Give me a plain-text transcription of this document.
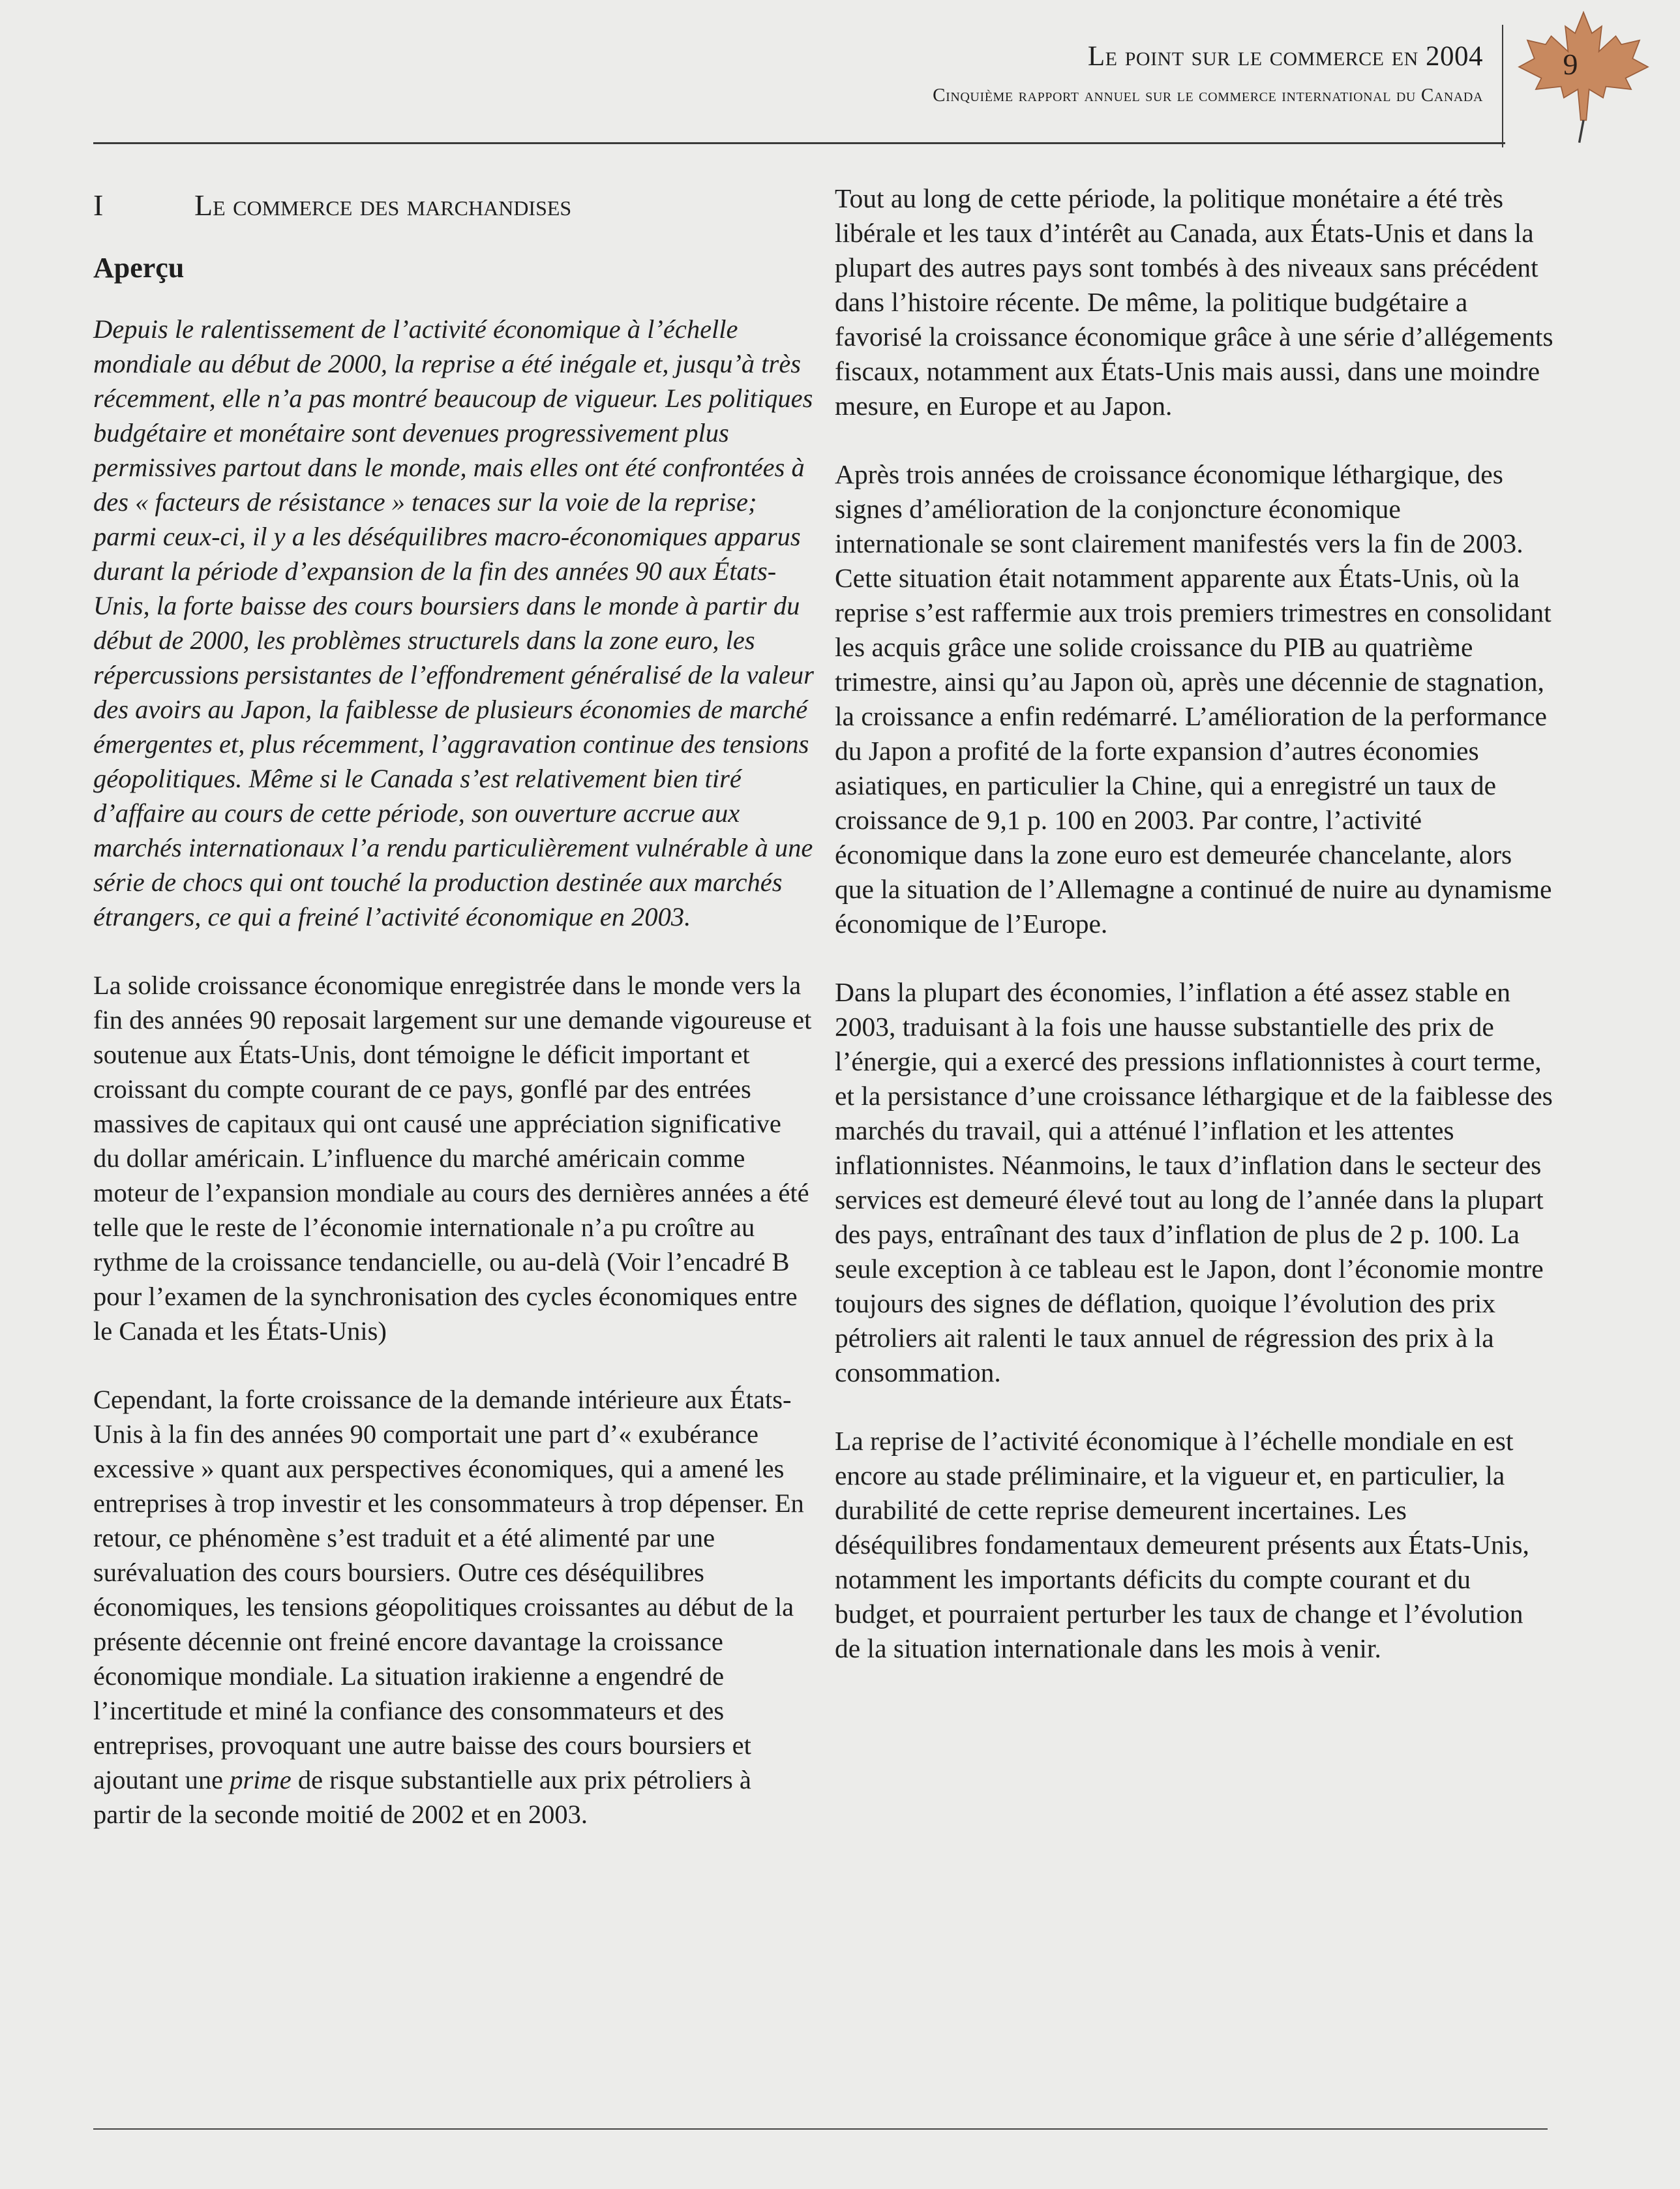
Le point sur le commerce en 2004
Cinquième rapport annuel sur le commerce international du Canada
9
I	Le commerce des marchandises
Aperçu

Depuis le ralentissement de l’activité économique à l’échelle mondiale au début de 2000, la reprise a été inégale et, jusqu’à très récemment, elle n’a pas montré beaucoup de vigueur. Les politiques budgétaire et monétaire sont devenues progressivement plus permissives partout dans le monde, mais elles ont été confrontées à des « facteurs de résistance » tenaces sur la voie de la reprise; parmi ceux-ci, il y a les déséquilibres macro-économiques apparus durant la période d’expansion de la fin des années 90 aux États-Unis, la forte baisse des cours boursiers dans le monde à partir du début de 2000, les problèmes structurels dans la zone euro, les répercussions persistantes de l’effondrement généralisé de la valeur des avoirs au Japon, la faiblesse de plusieurs économies de marché émergentes et, plus récemment, l’aggravation continue des tensions géopolitiques. Même si le Canada s’est relativement bien tiré d’affaire au cours de cette période, son ouverture accrue aux marchés internationaux l’a rendu particulièrement vulnérable à une série de chocs qui ont touché la production destinée aux marchés étrangers, ce qui a freiné l’activité économique en 2003.

La solide croissance économique enregistrée dans le monde vers la fin des années 90 reposait largement sur une demande vigoureuse et soutenue aux États-Unis, dont témoigne le déficit important et croissant du compte courant de ce pays, gonflé par des entrées massives de capitaux qui ont causé une appréciation significative du dollar américain. L’influence du marché américain comme moteur de l’expansion mondiale au cours des dernières années a été telle que le reste de l’économie internationale n’a pu croître au rythme de la croissance tendancielle, ou au-delà (Voir l’encadré B pour l’examen de la synchronisation des cycles économiques entre le Canada et les États-Unis)

Cependant, la forte croissance de la demande intérieure aux États-Unis à la fin des années 90 comportait une part d’« exubérance excessive » quant aux perspectives économiques, qui a amené les entreprises à trop investir et les consommateurs à trop dépenser. En retour, ce phénomène s’est traduit et a été alimenté par une surévaluation des cours boursiers. Outre ces déséquilibres économiques, les tensions géopolitiques croissantes au début de la présente décennie ont freiné encore davantage la croissance économique mondiale. La situation irakienne a engendré de l’incertitude et miné la confiance des consommateurs et des entreprises, provoquant une autre baisse des cours boursiers et ajoutant une prime de risque substantielle aux prix pétroliers à partir de la seconde moitié de 2002 et en 2003.

Tout au long de cette période, la politique monétaire a été très libérale et les taux d’intérêt au Canada, aux États-Unis et dans la plupart des autres pays sont tombés à des niveaux sans précédent dans l’histoire récente. De même, la politique budgétaire a favorisé la croissance économique grâce à une série d’allégements fiscaux, notamment aux États-Unis mais aussi, dans une moindre mesure, en Europe et au Japon.

Après trois années de croissance économique léthargique, des signes d’amélioration de la conjoncture économique internationale se sont clairement manifestés vers la fin de 2003. Cette situation était notamment apparente aux États-Unis, où la reprise s’est raffermie aux trois premiers trimestres en consolidant les acquis grâce une solide croissance du PIB au quatrième trimestre, ainsi qu’au Japon où, après une décennie de stagnation, la croissance a enfin redémarré. L’amélioration de la performance du Japon a profité de la forte expansion d’autres économies asiatiques, en particulier la Chine, qui a enregistré un taux de croissance de 9,1 p. 100 en 2003. Par contre, l’activité économique dans la zone euro est demeurée chancelante, alors que la situation de l’Allemagne a continué de nuire au dynamisme économique de l’Europe.

Dans la plupart des économies, l’inflation a été assez stable en 2003, traduisant à la fois une hausse substantielle des prix de l’énergie, qui a exercé des pressions inflationnistes à court terme, et la persistance d’une croissance léthargique et de la faiblesse des marchés du travail, qui a atténué l’inflation et les attentes inflationnistes. Néanmoins, le taux d’inflation dans le secteur des services est demeuré élevé tout au long de l’année dans la plupart des pays, entraînant des taux d’inflation de plus de 2 p. 100. La seule exception à ce tableau est le Japon, dont l’économie montre toujours des signes de déflation, quoique l’évolution des prix pétroliers ait ralenti le taux annuel de régression des prix à la consommation.

La reprise de l’activité économique à l’échelle mondiale en est encore au stade préliminaire, et la vigueur et, en particulier, la durabilité de cette reprise demeurent incertaines. Les déséquilibres fondamentaux demeurent présents aux États-Unis, notamment les importants déficits du compte courant et du budget, et pourraient perturber les taux de change et l’évolution de la situation internationale dans les mois à venir.
